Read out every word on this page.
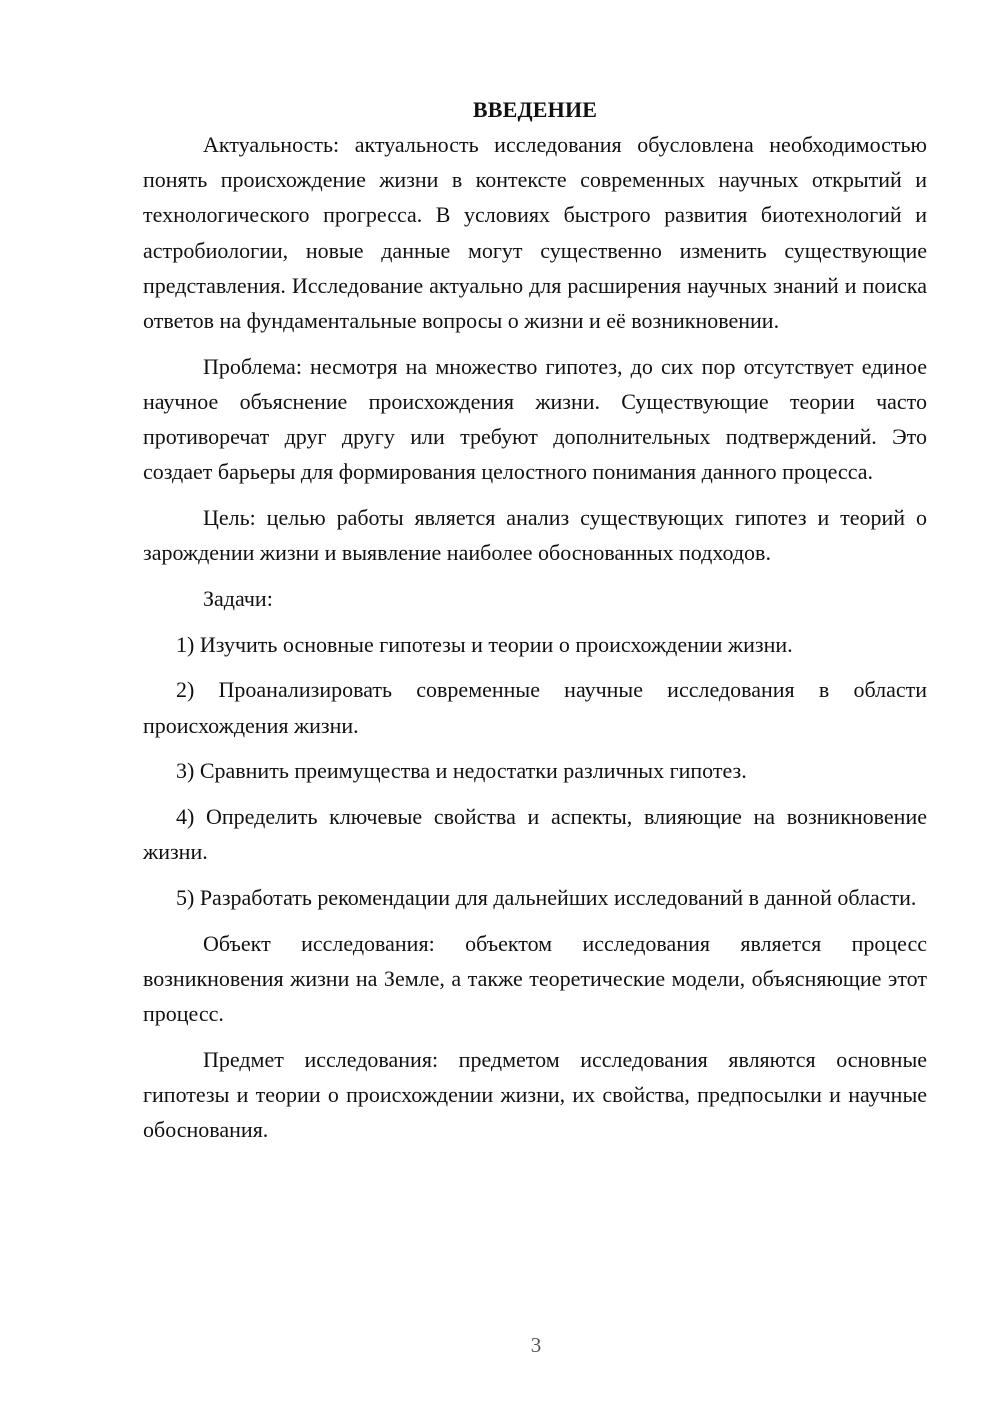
ВВЕДЕНИЕ

Актуальность: актуальность исследования обусловлена необходимостью понять происхождение жизни в контексте современных научных открытий и технологического прогресса. В условиях быстрого развития биотехнологий и астробиологии, новые данные могут существенно изменить существующие представления. Исследование актуально для расширения научных знаний и поиска ответов на фундаментальные вопросы о жизни и её возникновении.

Проблема: несмотря на множество гипотез, до сих пор отсутствует единое научное объяснение происхождения жизни. Существующие теории часто противоречат друг другу или требуют дополнительных подтверждений. Это создает барьеры для формирования целостного понимания данного процесса.

Цель: целью работы является анализ существующих гипотез и теорий о зарождении жизни и выявление наиболее обоснованных подходов.

Задачи:

1) Изучить основные гипотезы и теории о происхождении жизни.

2) Проанализировать современные научные исследования в области происхождения жизни.

3) Сравнить преимущества и недостатки различных гипотез.

4) Определить ключевые свойства и аспекты, влияющие на возникновение жизни.

5) Разработать рекомендации для дальнейших исследований в данной области.

Объект исследования: объектом исследования является процесс возникновения жизни на Земле, а также теоретические модели, объясняющие этот процесс.

Предмет исследования: предметом исследования являются основные гипотезы и теории о происхождении жизни, их свойства, предпосылки и научные обоснования.

3
